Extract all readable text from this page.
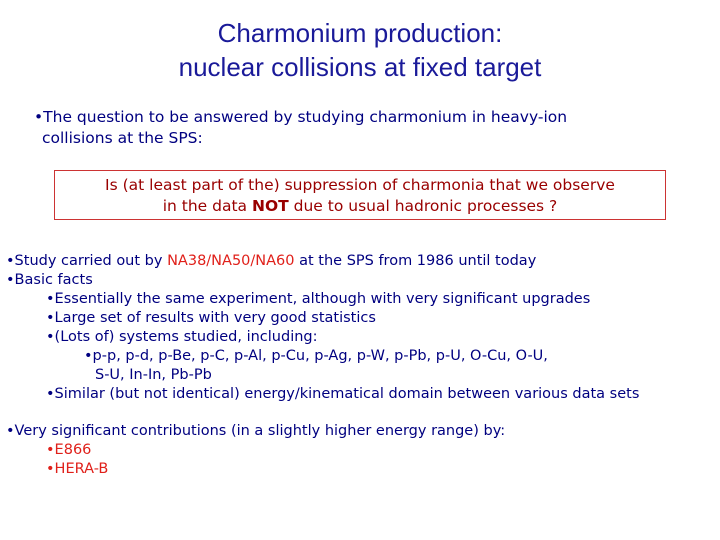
Charmonium production:
nuclear collisions at fixed target
•The question to be answered by studying charmonium in heavy-ion
collisions at the SPS:
Is (at least part of the) suppression of charmonia that we observe
in the data NOT due to usual hadronic processes ?
•Study carried out by NA38/NA50/NA60 at the SPS from 1986 until today
•Basic facts
•Essentially the same experiment, although with very significant upgrades
•Large set of results with very good statistics
•(Lots of) systems studied, including:
•p-p, p-d, p-Be, p-C, p-Al, p-Cu, p-Ag, p-W, p-Pb, p-U, O-Cu, O-U,
S-U, In-In, Pb-Pb
•Similar (but not identical) energy/kinematical domain between various data sets
•Very significant contributions (in a slightly higher energy range) by:
•E866
•HERA-B
